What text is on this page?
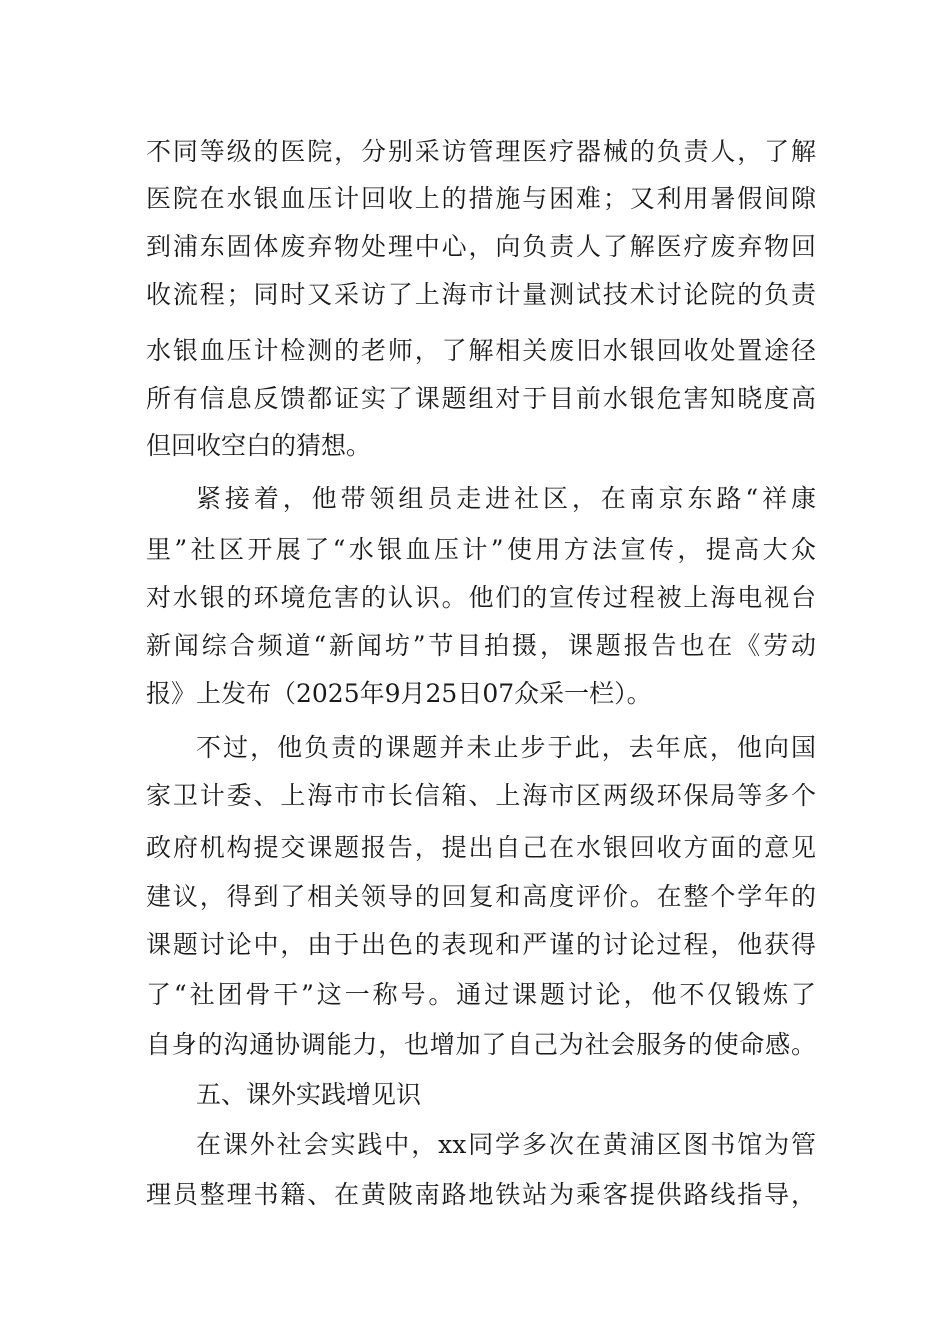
不同等级的医院，分别采访管理医疗器械的负责人，了解
医院在水银血压计回收上的措施与困难；又利用暑假间隙
到浦东固体废弃物处理中心，向负责人了解医疗废弃物回
收流程；同时又采访了上海市计量测试技术讨论院的负责
水银血压计检测的老师，了解相关废旧水银回收处置途径
所有信息反馈都证实了课题组对于目前水银危害知晓度高
但回收空白的猜想。
紧接着，他带领组员走进社区，在南京东路“祥康
里”社区开展了“水银血压计”使用方法宣传，提高大众
对水银的环境危害的认识。他们的宣传过程被上海电视台
新闻综合频道“新闻坊”节目拍摄，课题报告也在《劳动
报》上发布（2025年9月25日07众采一栏）。
不过，他负责的课题并未止步于此，去年底，他向国
家卫计委、上海市市长信箱、上海市区两级环保局等多个
政府机构提交课题报告，提出自己在水银回收方面的意见
建议，得到了相关领导的回复和高度评价。在整个学年的
课题讨论中，由于出色的表现和严谨的讨论过程，他获得
了“社团骨干”这一称号。通过课题讨论，他不仅锻炼了
自身的沟通协调能力，也增加了自己为社会服务的使命感。
五、课外实践增见识
在课外社会实践中，xx同学多次在黄浦区图书馆为管
理员整理书籍、在黄陂南路地铁站为乘客提供路线指导，
